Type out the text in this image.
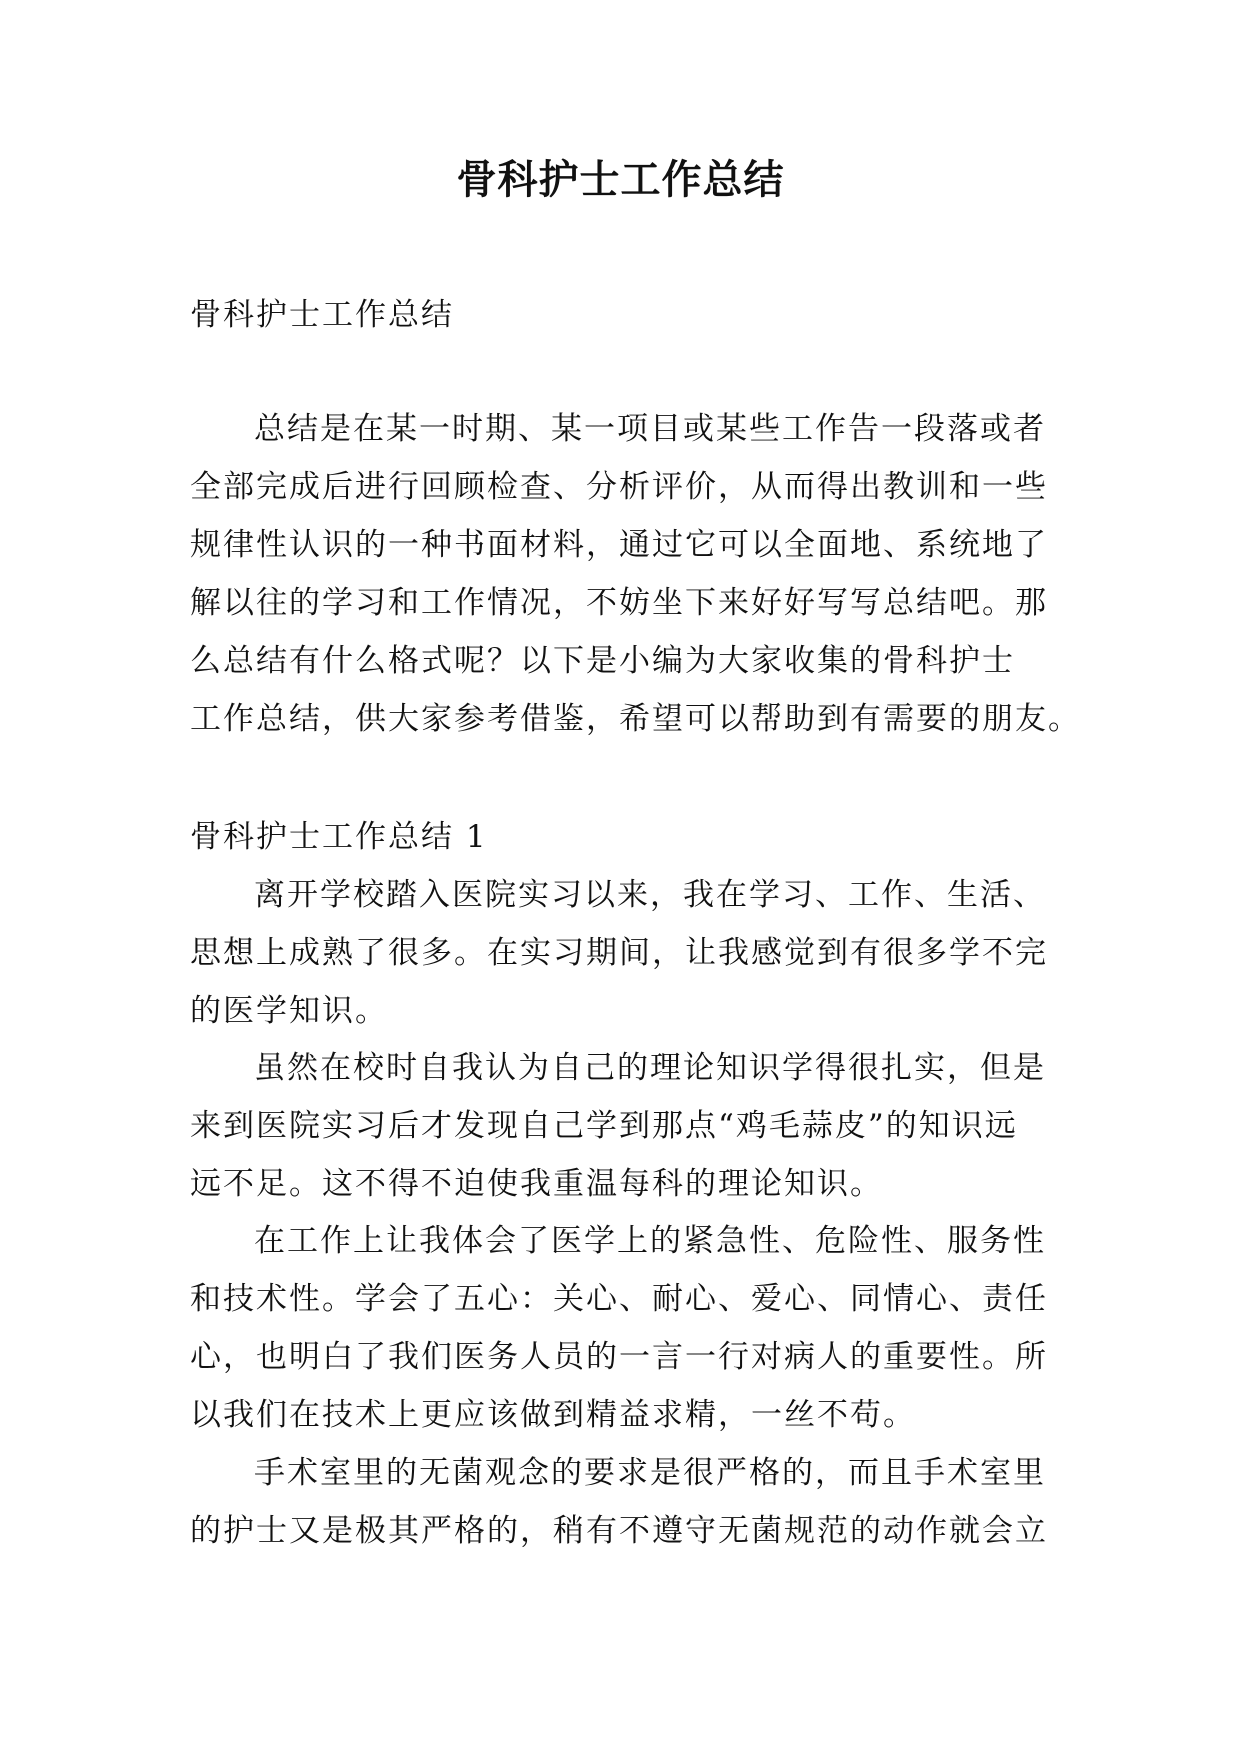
骨科护士工作总结

骨科护士工作总结

总结是在某一时期、某一项目或某些工作告一段落或者
全部完成后进行回顾检查、分析评价，从而得出教训和一些
规律性认识的一种书面材料，通过它可以全面地、系统地了
解以往的学习和工作情况，不妨坐下来好好写写总结吧。那
么总结有什么格式呢？以下是小编为大家收集的骨科护士
工作总结，供大家参考借鉴，希望可以帮助到有需要的朋友。

骨科护士工作总结 1

离开学校踏入医院实习以来，我在学习、工作、生活、
思想上成熟了很多。在实习期间，让我感觉到有很多学不完
的医学知识。

虽然在校时自我认为自己的理论知识学得很扎实，但是
来到医院实习后才发现自己学到那点“鸡毛蒜皮”的知识远
远不足。这不得不迫使我重温每科的理论知识。

在工作上让我体会了医学上的紧急性、危险性、服务性
和技术性。学会了五心：关心、耐心、爱心、同情心、责任
心，也明白了我们医务人员的一言一行对病人的重要性。所
以我们在技术上更应该做到精益求精，一丝不苟。

手术室里的无菌观念的要求是很严格的，而且手术室里
的护士又是极其严格的，稍有不遵守无菌规范的动作就会立
